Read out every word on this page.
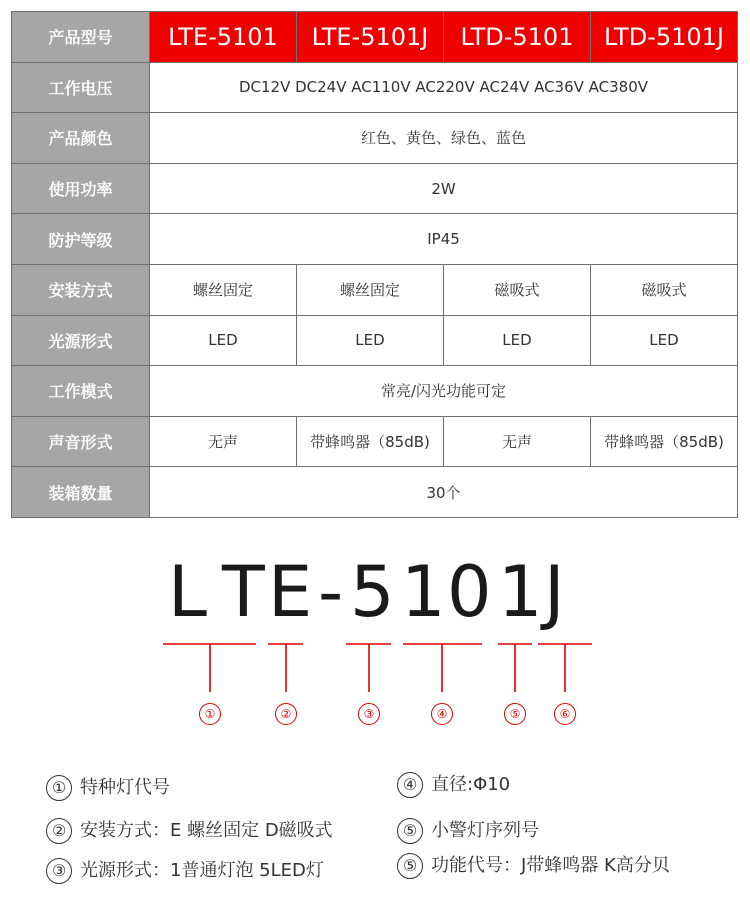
产品型号	LTE-5101	LTE-5101J	LTD-5101	LTD-5101J
工作电压	DC12V DC24V AC110V AC220V AC24V AC36V AC380V			
产品颜色	红色、黄色、绿色、蓝色			
使用功率	2W			
防护等级	IP45			
安装方式	螺丝固定	螺丝固定	磁吸式	磁吸式
光源形式	LED	LED	LED	LED
工作模式	常亮/闪光功能可定			
声音形式	无声	带蜂鸣器（85dB)	无声	带蜂鸣器（85dB)
装箱数量	30个			
L T E - 5 1 0 1 J
①	②	③	④	⑤	⑥
① 特种灯代号	④ 直径:Φ10
② 安装方式：E 螺丝固定 D磁吸式	⑤ 小警灯序列号
③ 光源形式：1普通灯泡 5LED灯	⑤ 功能代号：J带蜂鸣器 K高分贝
